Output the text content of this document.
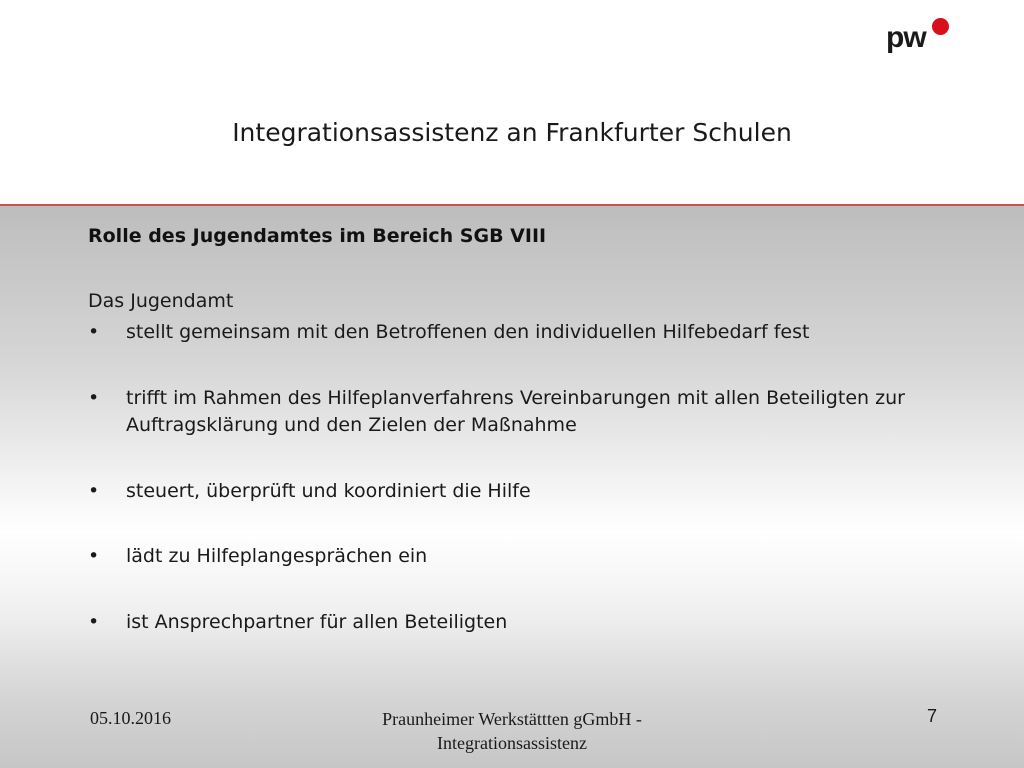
pw
Integrationsassistenz an Frankfurter Schulen
Rolle des Jugendamtes im Bereich SGB VIII
Das Jugendamt
•	stellt gemeinsam mit den Betroffenen den individuellen Hilfebedarf fest
•	trifft im Rahmen des Hilfeplanverfahrens Vereinbarungen mit allen Beteiligten zur Auftragsklärung und den Zielen der Maßnahme
•	steuert, überprüft und koordiniert die Hilfe
•	lädt zu Hilfeplangesprächen ein
•	ist Ansprechpartner für allen Beteiligten
05.10.2016	Praunheimer Werkstättten gGmbH -
Integrationsassistenz
7
